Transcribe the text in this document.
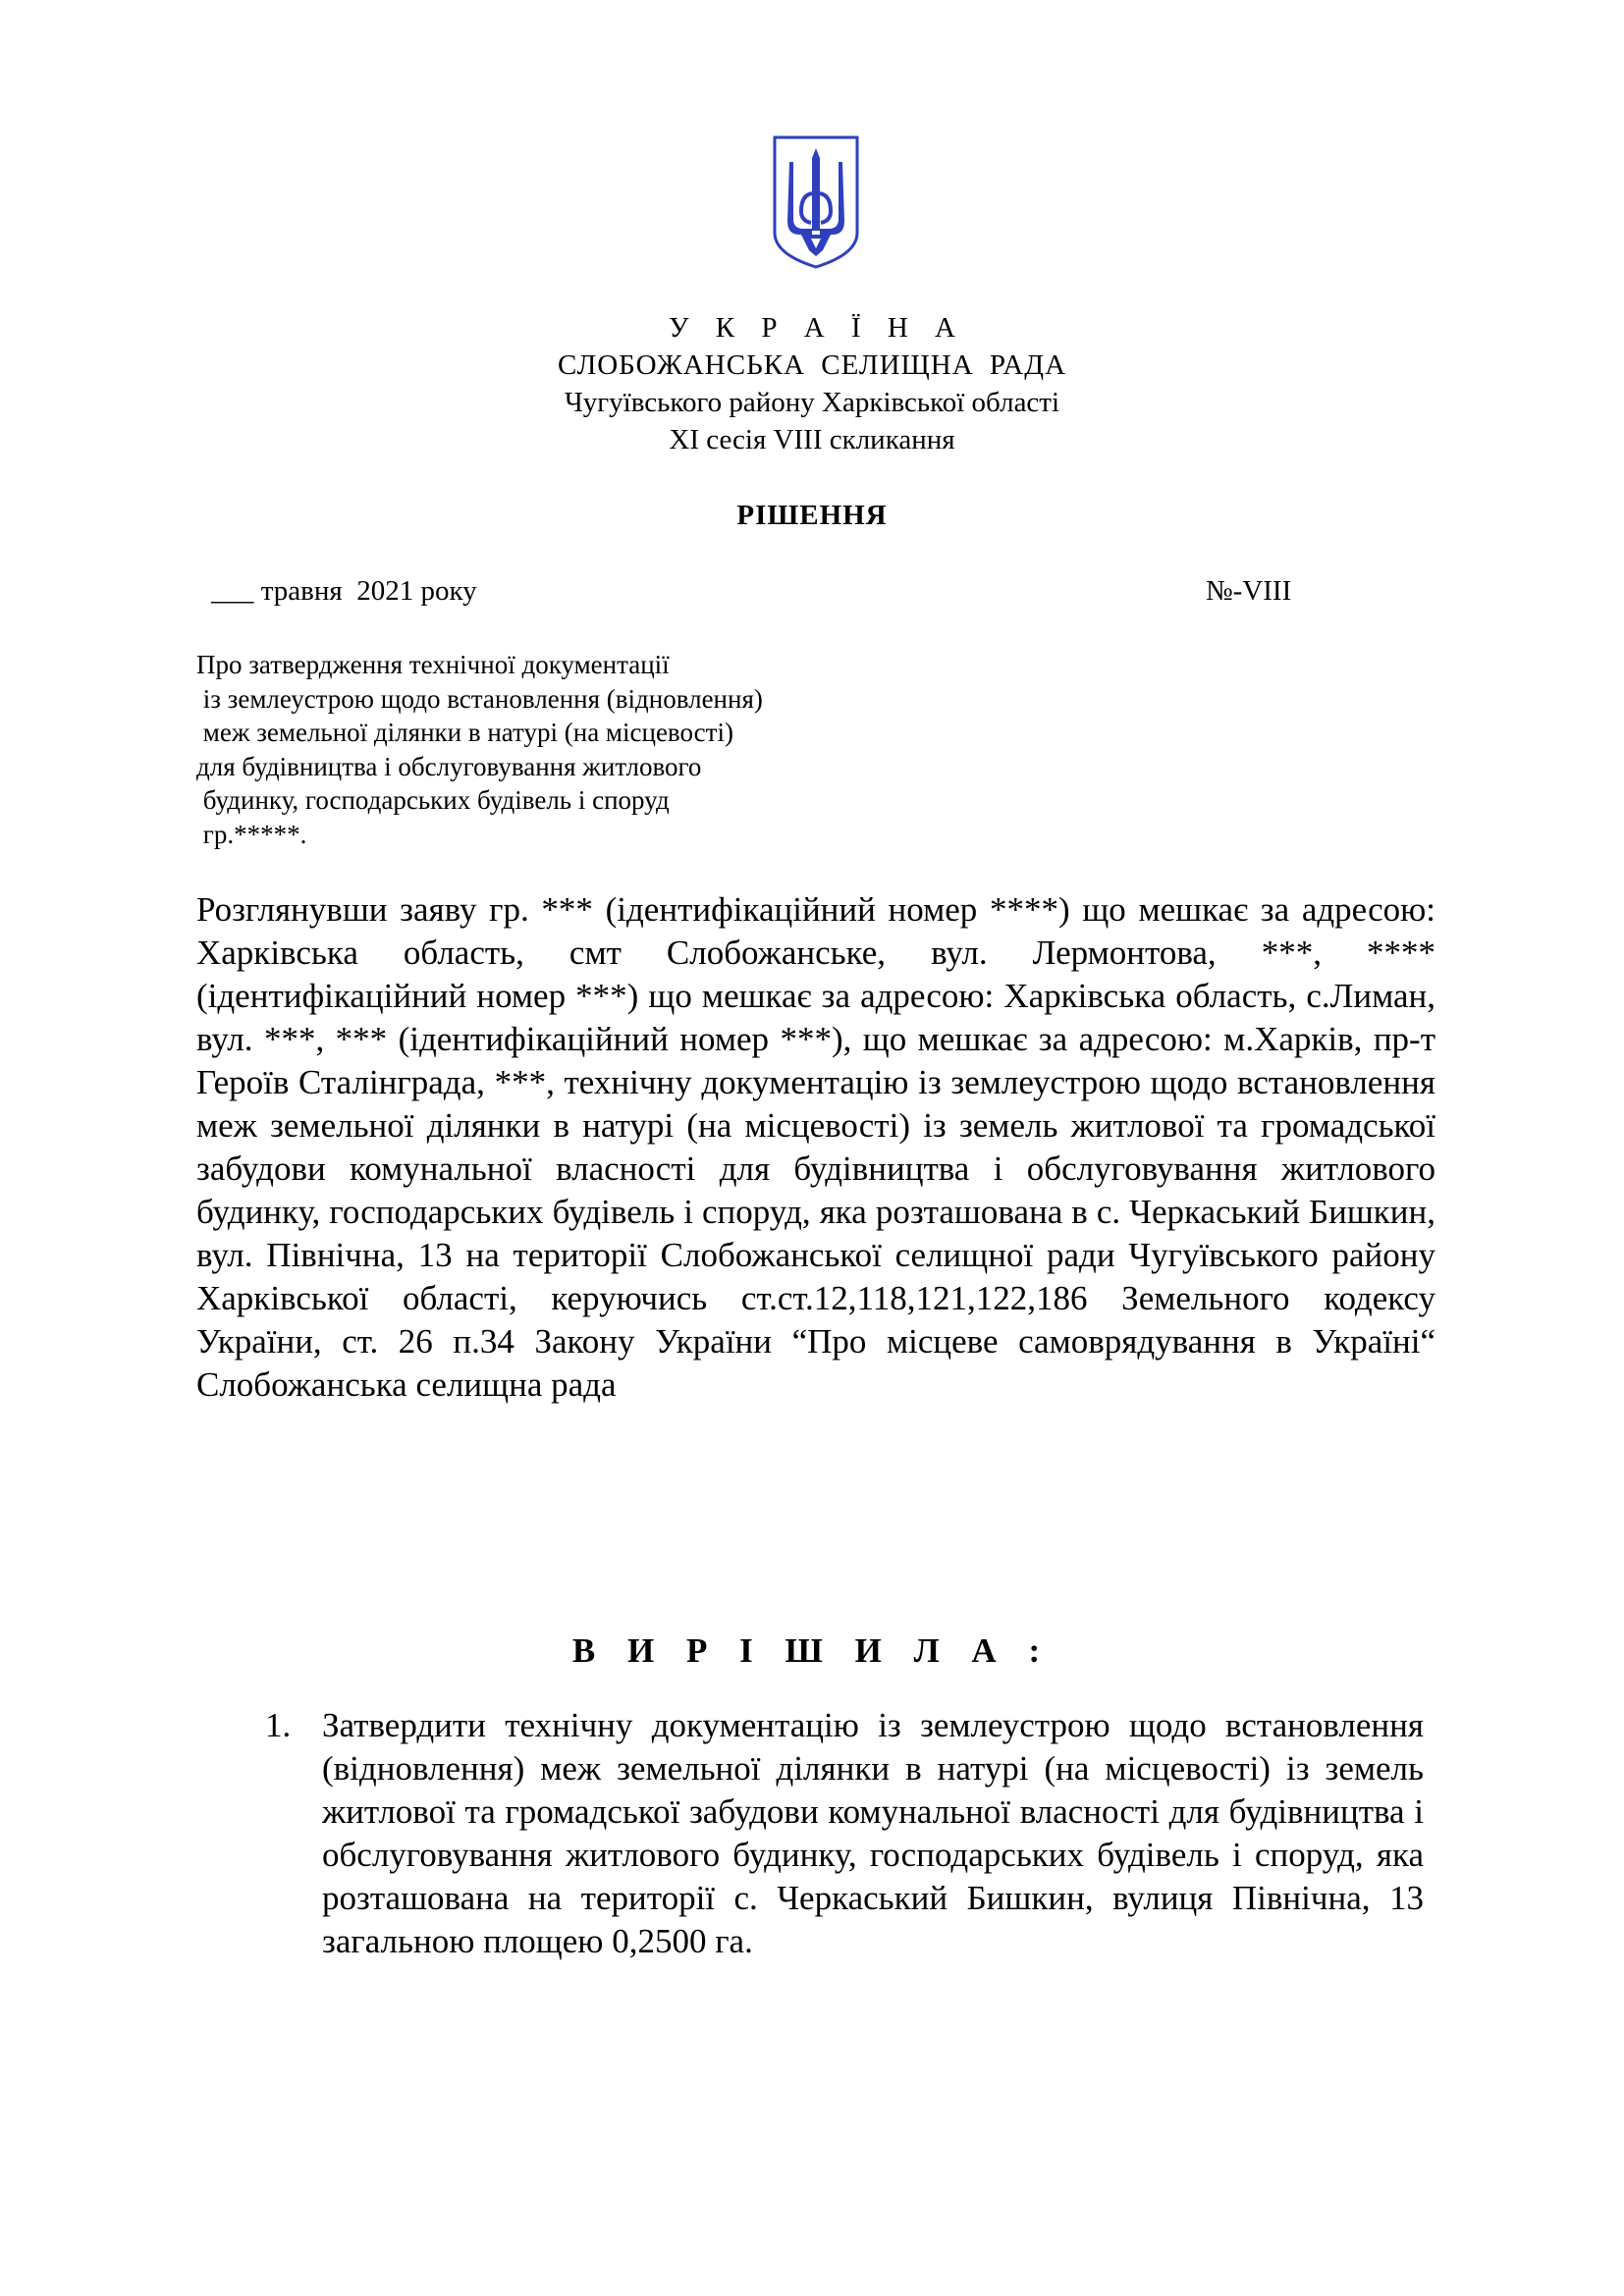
У К Р А Ї Н А
СЛОБОЖАНСЬКА СЕЛИЩНА РАДА
Чугуївського району Харківської області
ХІ сесія VIII скликання
РІШЕННЯ
___ травня  2021 року	№-VIII
Про затвердження технічної документації
із землеустрою щодо встановлення (відновлення)
меж земельної ділянки в натурі (на місцевості)
для будівництва і обслуговування житлового
будинку, господарських будівель і споруд
гр.*****.
Розглянувши заяву гр. *** (ідентифікаційний номер ****) що мешкає за адресою: Харківська область, смт Слобожанське, вул. Лермонтова, ***, **** (ідентифікаційний номер ***) що мешкає за адресою: Харківська область, с.Лиман, вул. ***, *** (ідентифікаційний номер ***), що мешкає за адресою: м.Харків, пр-т Героїв Сталінграда, ***, технічну документацію із землеустрою щодо встановлення меж земельної ділянки в натурі (на місцевості) із земель житлової та громадської забудови комунальної власності для будівництва і обслуговування житлового будинку, господарських будівель і споруд, яка розташована в с. Черкаський Бишкин, вул. Північна, 13 на території Слобожанської селищної ради Чугуївського району Харківської області, керуючись ст.ст.12,118,121,122,186 Земельного кодексу України, ст. 26 п.34 Закону України “Про місцеве самоврядування в Україні“ Слобожанська селищна рада
В И Р І Ш И Л А :
1. Затвердити технічну документацію із землеустрою щодо встановлення (відновлення) меж земельної ділянки в натурі (на місцевості) із земель житлової та громадської забудови комунальної власності для будівництва і обслуговування житлового будинку, господарських будівель і споруд, яка розташована на території с. Черкаський Бишкин, вулиця Північна, 13 загальною площею 0,2500 га.
